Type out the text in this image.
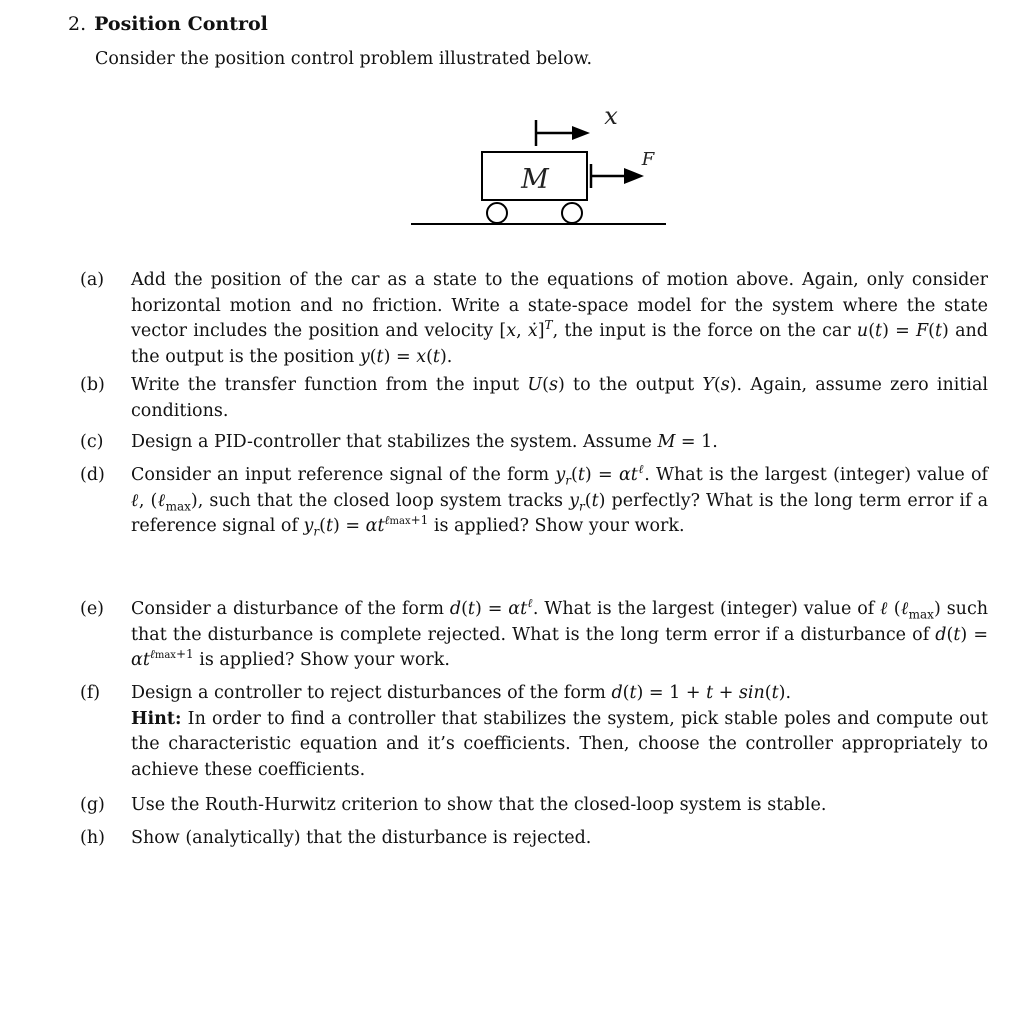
2. Position Control
Consider the position control problem illustrated below.
M
x
F
(a)	Add the position of the car as a state to the equations of motion above. Again, only consider horizontal motion and no friction. Write a state-space model for the system where the state vector includes the position and velocity [x, ẋ]$^T$, the input is the force on the car u(t) = F(t) and the output is the position y(t) = x(t).
(b)	Write the transfer function from the input U(s) to the output Y(s). Again, assume zero initial conditions.
(c)	Design a PID-controller that stabilizes the system. Assume M = 1.
(d)	Consider an input reference signal of the form $y_r(t) = \alpha t^\ell$. What is the largest (integer) value of ℓ, (ℓ$_{max}$), such that the closed loop system tracks $y_r(t)$ perfectly? What is the long term error if a reference signal of $y_r(t) = \alpha t^{\ell max+1}$ is applied? Show your work.
(e)	Consider a disturbance of the form $d(t) = \alpha t^\ell$. What is the largest (integer) value of ℓ (ℓ$_{max}$) such that the disturbance is complete rejected. What is the long term error if a disturbance of $d(t) = \alpha t^{\ell max+1}$ is applied? Show your work.
(f)	Design a controller to reject disturbances of the form d(t) = 1 + t + sin(t).

Hint: In order to find a controller that stabilizes the system, pick stable poles and compute out the characteristic equation and it’s coefficients. Then, choose the controller appropriately to achieve these coefficients.

(g)	Use the Routh-Hurwitz criterion to show that the closed-loop system is stable.
(h)	Show (analytically) that the disturbance is rejected.
